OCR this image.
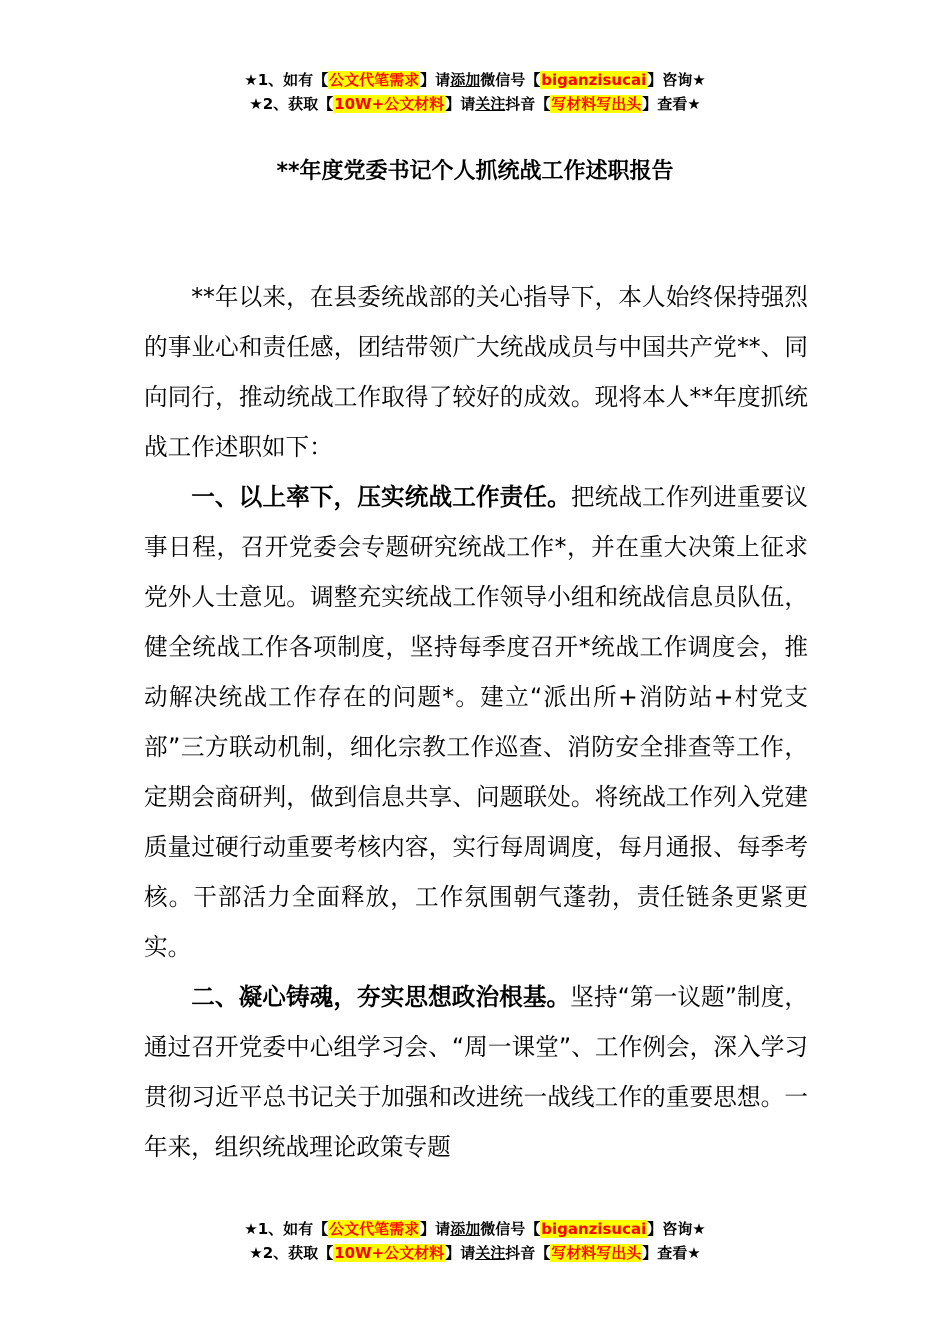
★1、如有【公文代笔需求】请添加微信号【biganzisucai】咨询★
★2、获取【10W+公文材料】请关注抖音【写材料写出头】查看★
**年度党委书记个人抓统战工作述职报告

**年以来，在县委统战部的关心指导下，本人始终保持强烈的事业心和责任感，团结带领广大统战成员与中国共产党**、同向同行，推动统战工作取得了较好的成效。现将本人**年度抓统战工作述职如下：

一、以上率下，压实统战工作责任。把统战工作列进重要议事日程，召开党委会专题研究统战工作*，并在重大决策上征求党外人士意见。调整充实统战工作领导小组和统战信息员队伍，健全统战工作各项制度，坚持每季度召开*统战工作调度会，推动解决统战工作存在的问题*。建立“派出所+消防站+村党支部”三方联动机制，细化宗教工作巡查、消防安全排查等工作，定期会商研判，做到信息共享、问题联处。将统战工作列入党建质量过硬行动重要考核内容，实行每周调度，每月通报、每季考核。干部活力全面释放，工作氛围朝气蓬勃，责任链条更紧更实。

二、凝心铸魂，夯实思想政治根基。坚持“第一议题”制度，通过召开党委中心组学习会、“周一课堂”、工作例会，深入学习贯彻习近平总书记关于加强和改进统一战线工作的重要思想。一年来，组织统战理论政策专题

★1、如有【公文代笔需求】请添加微信号【biganzisucai】咨询★
★2、获取【10W+公文材料】请关注抖音【写材料写出头】查看★
